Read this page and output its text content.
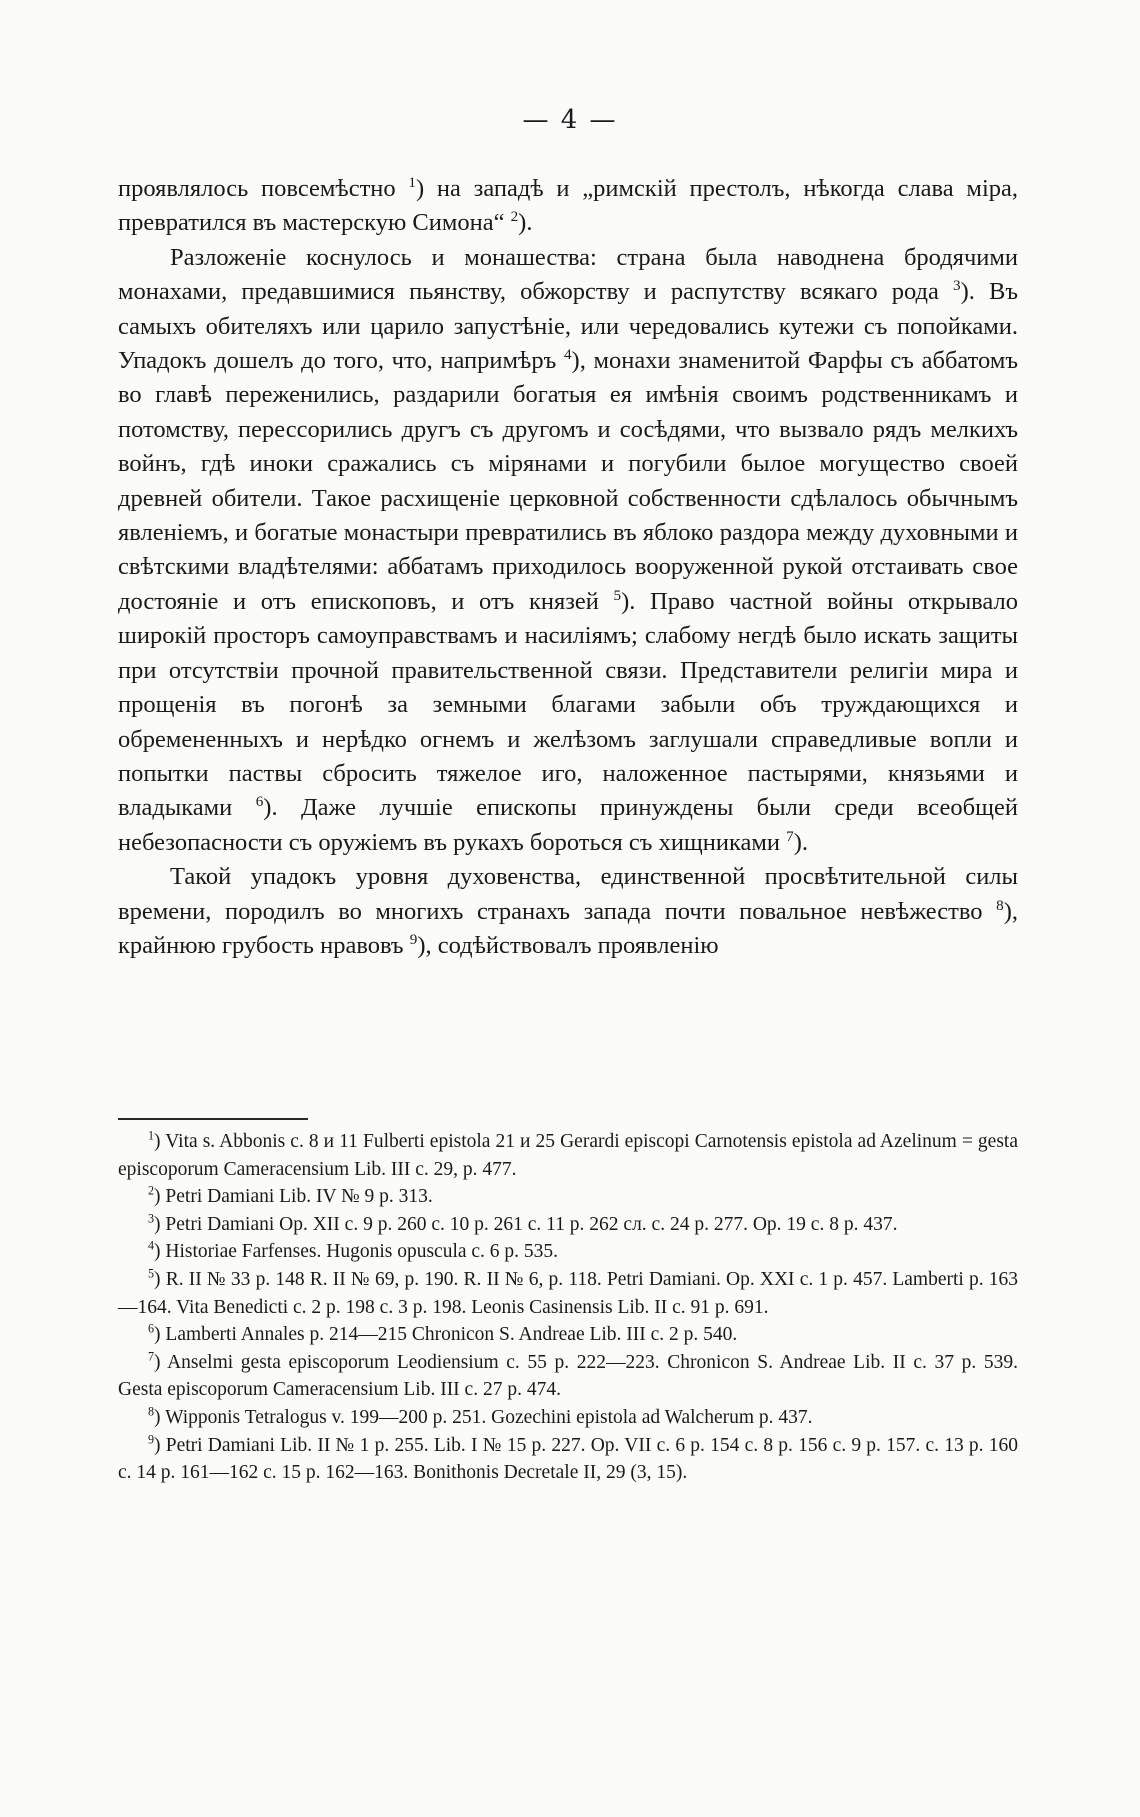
— 4 —

проявлялось повсемѣстно $^1$) на западѣ и „римскій престолъ, нѣкогда слава міра, превратился въ мастерскую Симона“ $^2$).

Разложеніе коснулось и монашества: страна была наводнена бродячими монахами, предавшимися пьянству, обжорству и распутству всякаго рода $^3$). Въ самыхъ обителяхъ или царило запустѣніе, или чередовались кутежи съ попойками. Упадокъ дошелъ до того, что, напримѣръ $^4$), монахи знаменитой Фарфы съ аббатомъ во главѣ переженились, раздарили богатыя ея имѣнія своимъ родственникамъ и потомству, перессорились другъ съ другомъ и сосѣдями, что вызвало рядъ мелкихъ войнъ, гдѣ иноки сражались съ мірянами и погубили былое могущество своей древней обители. Такое расхищеніе церковной собственности сдѣлалось обычнымъ явленіемъ, и богатые монастыри превратились въ яблоко раздора между духовными и свѣтскими владѣтелями: аббатамъ приходилось вооруженной рукой отстаивать свое достояніе и отъ епископовъ, и отъ князей $^5$). Право частной войны открывало широкій просторъ самоуправствамъ и насиліямъ; слабому негдѣ было искать защиты при отсутствіи прочной правительственной связи. Представители религіи мира и прощенія въ погонѣ за земными благами забыли объ труждающихся и обремененныхъ и нерѣдко огнемъ и желѣзомъ заглушали справедливые вопли и попытки паствы сбросить тяжелое иго, наложенное пастырями, князьями и владыками $^6$). Даже лучшіе епископы принуждены были среди всеобщей небезопасности съ оружіемъ въ рукахъ бороться съ хищниками $^7$).

Такой упадокъ уровня духовенства, единственной просвѣтительной силы времени, породилъ во многихъ странахъ запада почти повальное невѣжество $^8$), крайнюю грубость нравовъ $^9$), содѣйствовалъ проявленію

$^1$) Vita s. Abbonis c. 8 и 11 Fulberti epistola 21 и 25 Gerardi episcopi Carnotensis epistola ad Azelinum = gesta episcoporum Cameracensium Lib. III c. 29, p. 477.

$^2$) Petri Damiani Lib. IV № 9 p. 313.

$^3$) Petri Damiani Op. XII c. 9 p. 260 c. 10 p. 261 c. 11 p. 262 сл. c. 24 p. 277. Op. 19 c. 8 p. 437.

$^4$) Historiae Farfenses. Hugonis opuscula c. 6 p. 535.

$^5$) R. II № 33 p. 148 R. II № 69, p. 190. R. II № 6, p. 118. Petri Damiani. Op. XXI c. 1 p. 457. Lamberti p. 163—164. Vita Benedicti c. 2 p. 198 c. 3 p. 198. Leonis Casinensis Lib. II c. 91 p. 691.

$^6$) Lamberti Annales p. 214—215 Chronicon S. Andreae Lib. III c. 2 p. 540.

$^7$) Anselmi gesta episcoporum Leodiensium c. 55 p. 222—223. Chronicon S. Andreae Lib. II c. 37 p. 539. Gesta episcoporum Cameracensium Lib. III c. 27 p. 474.

$^8$) Wipponis Tetralogus v. 199—200 p. 251. Gozechini epistola ad Walcherum p. 437.

$^9$) Petri Damiani Lib. II № 1 p. 255. Lib. I № 15 p. 227. Op. VII c. 6 p. 154 c. 8 p. 156 c. 9 p. 157. c. 13 p. 160 c. 14 p. 161—162 c. 15 p. 162—163. Bonithonis Decretale II, 29 (3, 15).
